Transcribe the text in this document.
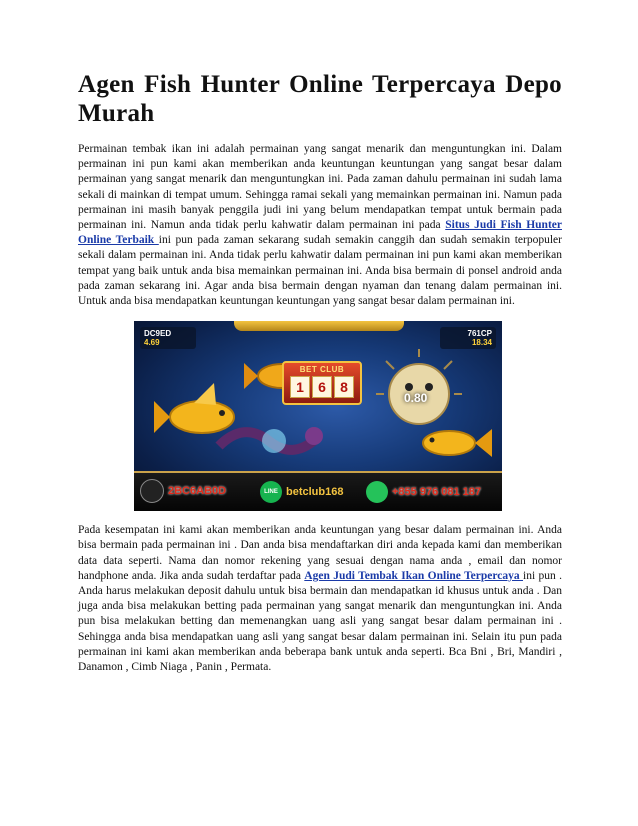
Agen Fish Hunter Online Terpercaya Depo Murah

Permainan tembak ikan ini adalah permainan yang sangat menarik dan menguntungkan ini. Dalam permainan ini pun kami akan memberikan anda keuntungan keuntungan yang sangat besar dalam permainan yang sangat menarik dan menguntungkan ini. Pada zaman dahulu permainan ini sudah lama sekali di mainkan di tempat umum. Sehingga ramai sekali yang memainkan permainan ini. Namun pada permainan ini masih banyak penggila judi ini yang belum mendapatkan tempat untuk bermain pada permainan ini. Namun anda tidak perlu kahwatir dalam permainan ini pada Situs Judi Fish Hunter Online Terbaik ini pun pada zaman sekarang sudah semakin canggih dan sudah semakin terpopuler sekali dalam permainan ini. Anda tidak perlu kahwatir dalam permainan ini pun kami akan memberikan tempat yang baik untuk anda bisa memainkan permainan ini. Anda bisa bermain di ponsel android anda pada zaman sekarang ini. Agar anda bisa bermain dengan nyaman dan tenang dalam permainan ini. Untuk anda bisa mendapatkan keuntungan keuntungan yang sangat besar dalam permainan ini.

DC9ED
4.69
761CP
18.34
BET CLUB
1	6	8
0.80
2BC6AB0D	LINE betclub168	+855 976 081 187

Pada kesempatan ini kami akan memberikan anda keuntungan yang besar dalam permainan ini. Anda bisa bermain pada permainan ini . Dan anda bisa mendaftarkan diri anda kepada kami dan memberikan data data seperti. Nama dan nomor rekening yang sesuai dengan nama anda , email dan nomor handphone anda. Jika anda sudah terdaftar pada Agen Judi Tembak Ikan Online Terpercaya ini pun . Anda harus melakukan deposit dahulu untuk bisa bermain dan mendapatkan id khusus untuk anda . Dan juga anda bisa melakukan betting pada permainan yang sangat menarik dan menguntungkan ini. Anda pun bisa melakukan betting dan memenangkan uang asli yang sangat besar dalam permainan ini . Sehingga anda bisa mendapatkan uang asli yang sangat besar dalam permainan ini. Selain itu pun pada permainan ini kami akan memberikan anda beberapa bank untuk anda seperti. Bca Bni , Bri, Mandiri , Danamon , Cimb Niaga , Panin , Permata.
